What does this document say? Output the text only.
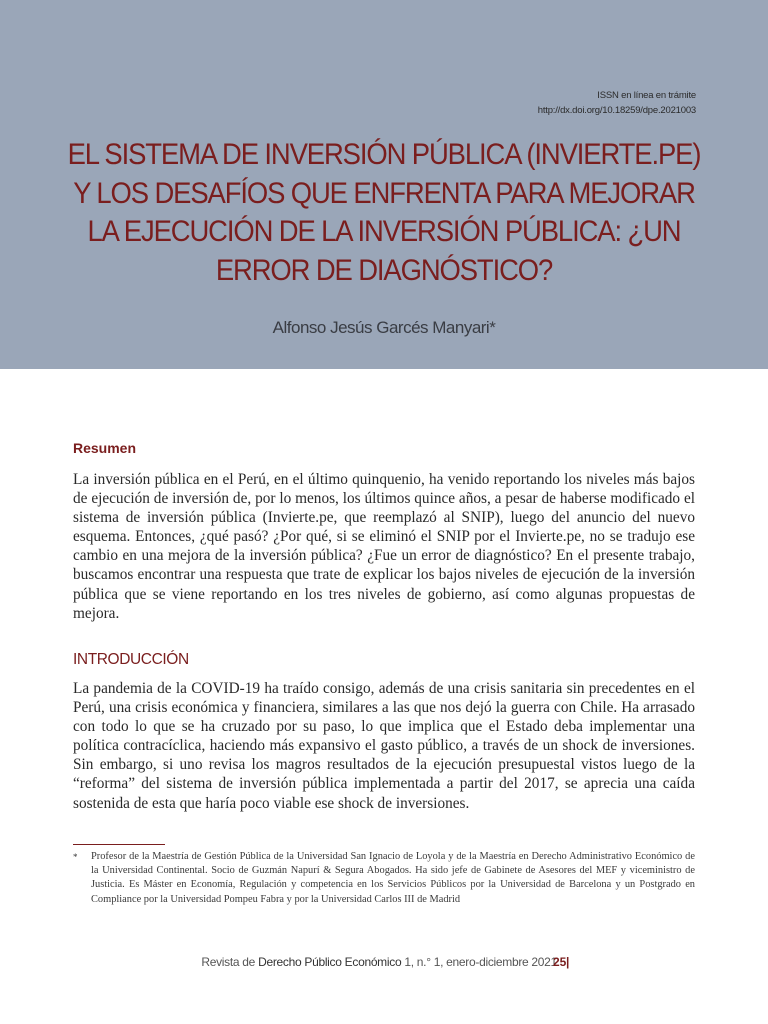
ISSN en línea en trámite
http://dx.doi.org/10.18259/dpe.2021003
EL SISTEMA DE INVERSIÓN PÚBLICA (INVIERTE.PE)
Y LOS DESAFÍOS QUE ENFRENTA PARA MEJORAR
LA EJECUCIÓN DE LA INVERSIÓN PÚBLICA: ¿UN
ERROR DE DIAGNÓSTICO?
Alfonso Jesús Garcés Manyari*
Resumen

La inversión pública en el Perú, en el último quinquenio, ha venido reportando los niveles más bajos de ejecución de inversión de, por lo menos, los últimos quince años, a pesar de haberse modificado el sistema de inversión pública (Invierte.pe, que reemplazó al SNIP), luego del anuncio del nuevo esquema. Entonces, ¿qué pasó? ¿Por qué, si se eliminó el SNIP por el Invierte.pe, no se tradujo ese cambio en una mejora de la inversión pública? ¿Fue un error de diagnóstico? En el presente trabajo, buscamos encontrar una respuesta que trate de explicar los bajos niveles de ejecución de la inversión pública que se viene reportando en los tres niveles de gobierno, así como algunas propuestas de mejora.

INTRODUCCIÓN

La pandemia de la COVID-19 ha traído consigo, además de una crisis sanitaria sin precedentes en el Perú, una crisis económica y financiera, similares a las que nos dejó la guerra con Chile. Ha arrasado con todo lo que se ha cruzado por su paso, lo que implica que el Estado deba implementar una política contracíclica, haciendo más expansivo el gasto público, a través de un shock de inversiones. Sin embargo, si uno revisa los magros resultados de la ejecución presupuestal vistos luego de la “reforma” del sistema de inversión pública implementada a partir del 2017, se aprecia una caída sostenida de esta que haría poco viable ese shock de inversiones.

* Profesor de la Maestría de Gestión Pública de la Universidad San Ignacio de Loyola y de la Maestría en Derecho Administrativo Económico de la Universidad Continental. Socio de Guzmán Napurí & Segura Abogados. Ha sido jefe de Gabinete de Asesores del MEF y viceministro de Justicia. Es Máster en Economía, Regulación y competencia en los Servicios Públicos por la Universidad de Barcelona y un Postgrado en Compliance por la Universidad Pompeu Fabra y por la Universidad Carlos III de Madrid

Revista de Derecho Público Económico 1, n.° 1, enero-diciembre 2021 |
25
